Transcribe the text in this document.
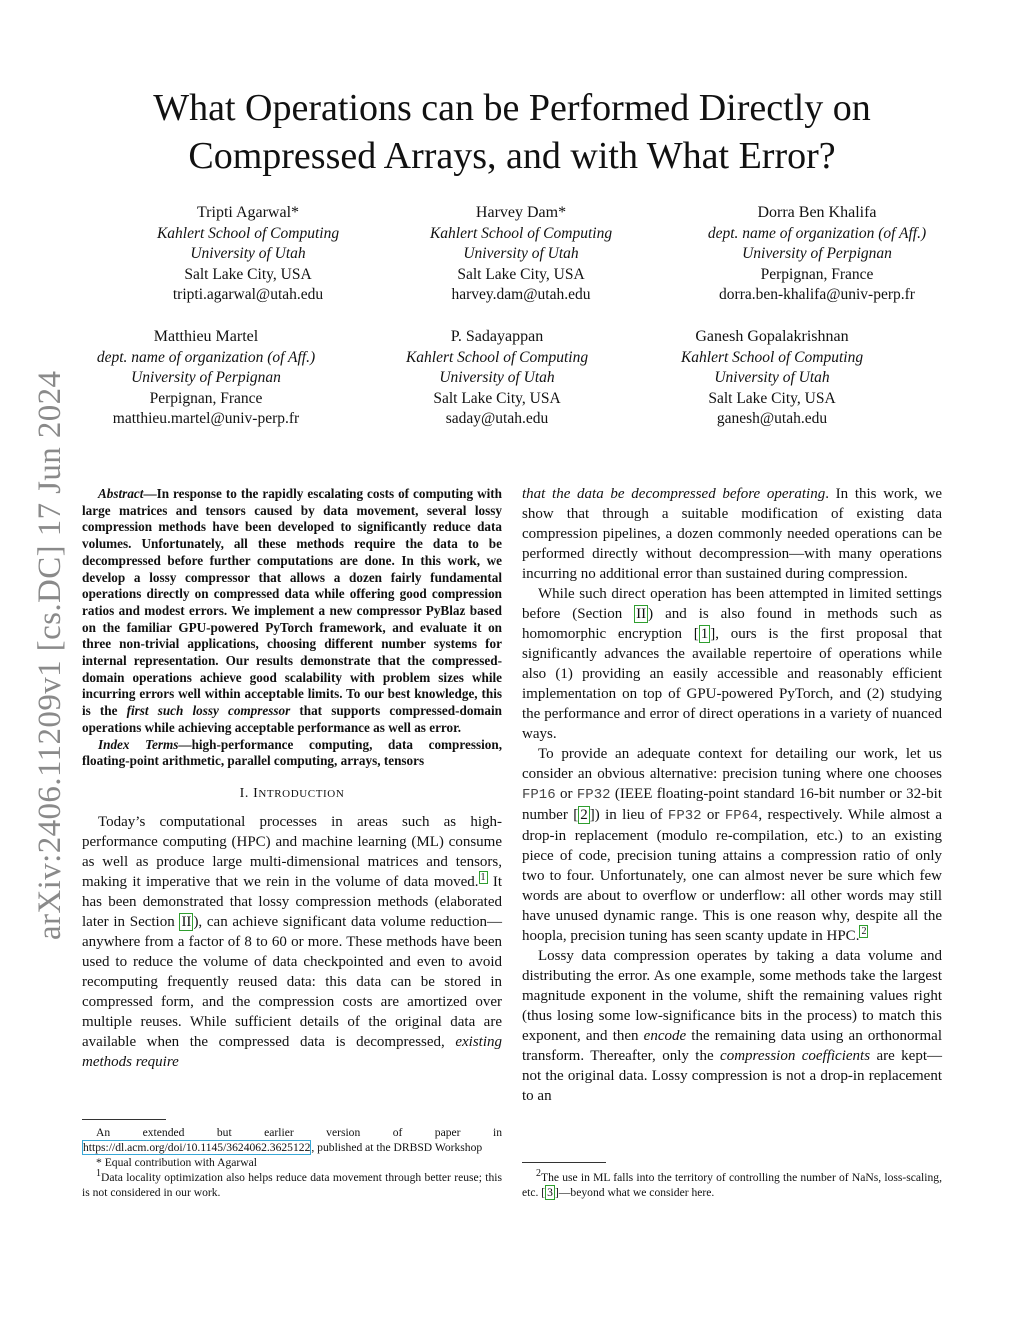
What Operations can be Performed Directly on
Compressed Arrays, and with What Error?
arXiv:2406.11209v1 [cs.DC] 17 Jun 2024
Tripti Agarwal*
Kahlert School of Computing
University of Utah
Salt Lake City, USA
tripti.agarwal@utah.edu
Harvey Dam*
Kahlert School of Computing
University of Utah
Salt Lake City, USA
harvey.dam@utah.edu
Dorra Ben Khalifa
dept. name of organization (of Aff.)
University of Perpignan
Perpignan, France
dorra.ben-khalifa@univ-perp.fr
Matthieu Martel
dept. name of organization (of Aff.)
University of Perpignan
Perpignan, France
matthieu.martel@univ-perp.fr
P. Sadayappan
Kahlert School of Computing
University of Utah
Salt Lake City, USA
saday@utah.edu
Ganesh Gopalakrishnan
Kahlert School of Computing
University of Utah
Salt Lake City, USA
ganesh@utah.edu

Abstract—In response to the rapidly escalating costs of computing with large matrices and tensors caused by data movement, several lossy compression methods have been developed to significantly reduce data volumes. Unfortunately, all these methods require the data to be decompressed before further computations are done. In this work, we develop a lossy compressor that allows a dozen fairly fundamental operations directly on compressed data while offering good compression ratios and modest errors. We implement a new compressor PyBlaz based on the familiar GPU-powered PyTorch framework, and evaluate it on three non-trivial applications, choosing different number systems for internal representation. Our results demonstrate that the compressed-domain operations achieve good scalability with problem sizes while incurring errors well within acceptable limits. To our best knowledge, this is the first such lossy compressor that supports compressed-domain operations while achieving acceptable performance as well as error.

Index Terms—high-performance computing, data compression, floating-point arithmetic, parallel computing, arrays, tensors

I. INTRODUCTION

Today’s computational processes in areas such as high-performance computing (HPC) and machine learning (ML) consume as well as produce large multi-dimensional matrices and tensors, making it imperative that we rein in the volume of data moved. $^1$ It has been demonstrated that lossy compression methods (elaborated later in Section II ), can achieve significant data volume reduction—anywhere from a factor of 8 to 60 or more. These methods have been used to reduce the volume of data checkpointed and even to avoid recomputing frequently reused data: this data can be stored in compressed form, and the compression costs are amortized over multiple reuses. While sufficient details of the original data are available when the compressed data is decompressed, existing methods require

that the data be decompressed before operating. In this work, we show that through a suitable modification of existing data compression pipelines, a dozen commonly needed operations can be performed directly without decompression—with many operations incurring no additional error than sustained during compression.

While such direct operation has been attempted in limited settings before (Section II ) and is also found in methods such as homomorphic encryption [ 1 ], ours is the first proposal that significantly advances the available repertoire of operations while also (1) providing an easily accessible and reasonably efficient implementation on top of GPU-powered PyTorch, and (2) studying the performance and error of direct operations in a variety of nuanced ways.

To provide an adequate context for detailing our work, let us consider an obvious alternative: precision tuning where one chooses FP16 or FP32 (IEEE floating-point standard 16-bit number or 32-bit number [ 2 ]) in lieu of FP32 or FP64, respectively. While almost a drop-in replacement (modulo re-compilation, etc.) to an existing piece of code, precision tuning attains a compression ratio of only two to four. Unfortunately, one can almost never be sure which few words are about to overflow or underflow: all other words may still have unused dynamic range. This is one reason why, despite all the hoopla, precision tuning has seen scanty update in HPC. $^2$

Lossy data compression operates by taking a data volume and distributing the error. As one example, some methods take the largest magnitude exponent in the volume, shift the remaining values right (thus losing some low-significance bits in the process) to match this exponent, and then encode the remaining data using an orthonormal transform. Thereafter, only the compression coefficients are kept—not the original data. Lossy compression is not a drop-in replacement to an

An extended but earlier version of paper in https://dl.acm.org/doi/10.1145/3624062.3625122, published at the DRBSD Workshop

* Equal contribution with Agarwal

$^1$Data locality optimization also helps reduce data movement through better reuse; this is not considered in our work.

$^2$The use in ML falls into the territory of controlling the number of NaNs, loss-scaling, etc. [ 3 ]—beyond what we consider here.
